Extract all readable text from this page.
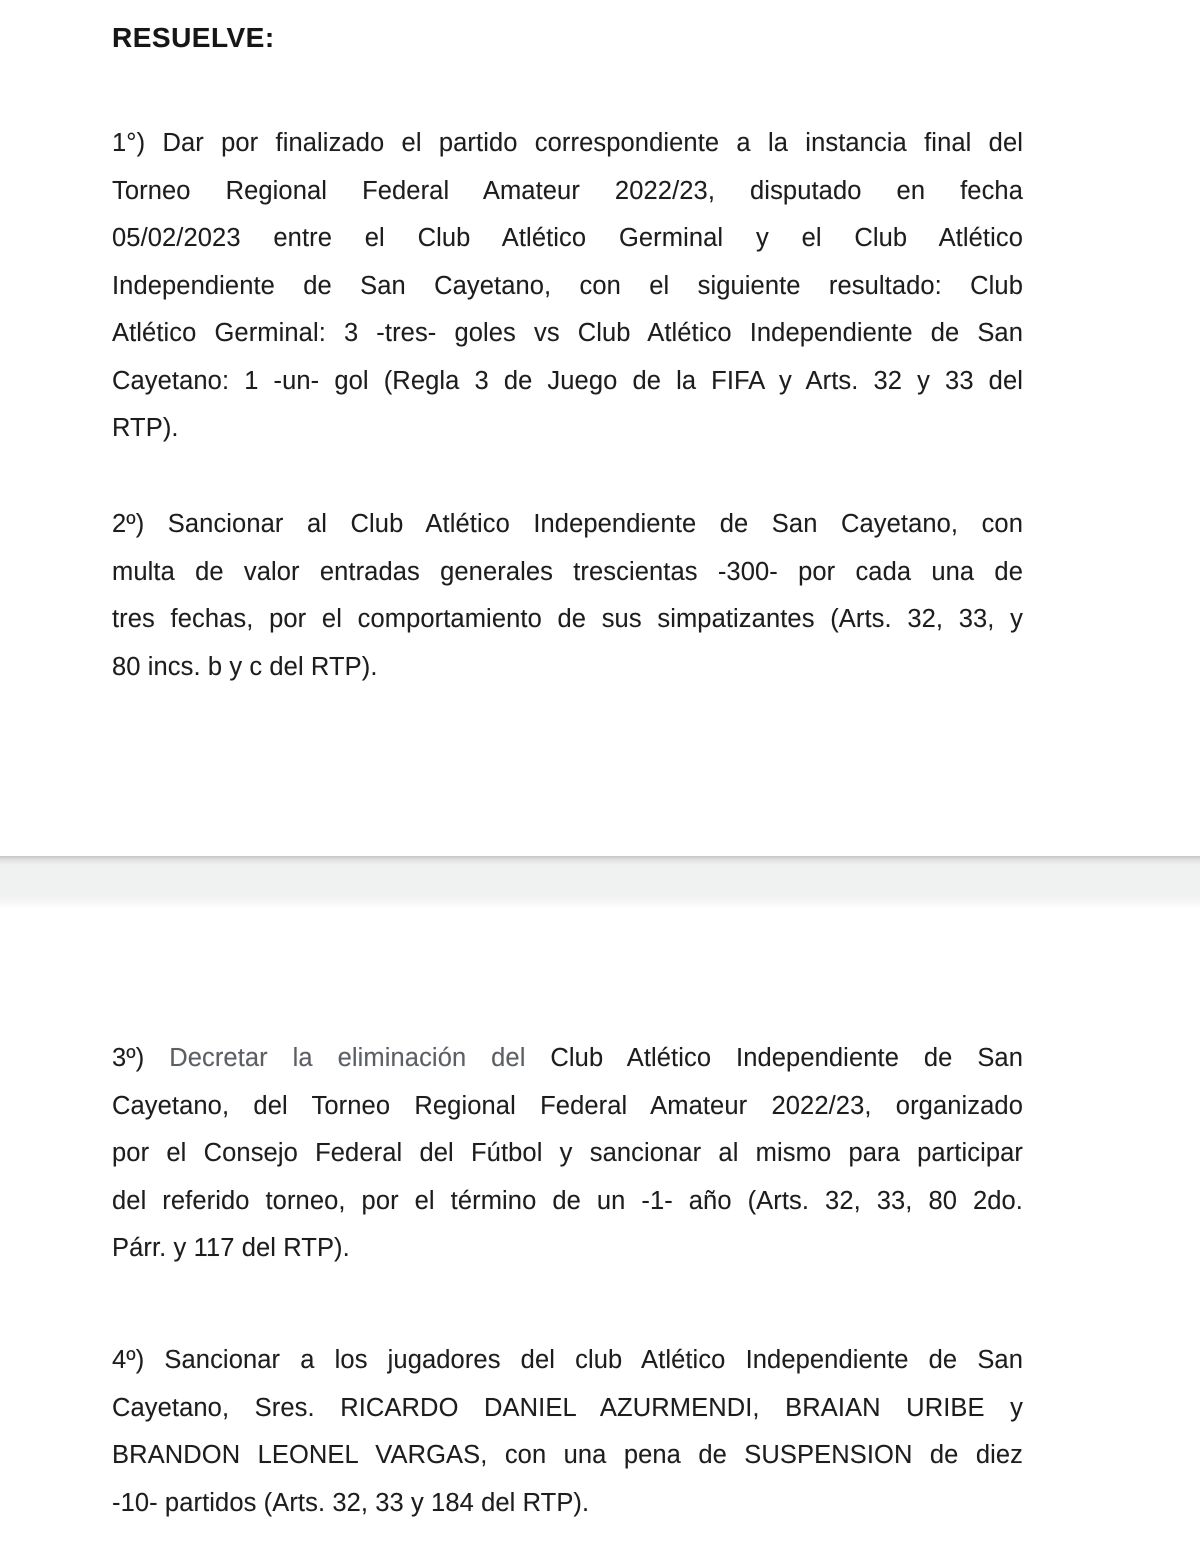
RESUELVE:
1°) Dar por finalizado el partido correspondiente a la instancia final del
Torneo Regional Federal Amateur 2022/23, disputado en fecha
05/02/2023 entre el Club Atlético Germinal y el Club Atlético
Independiente de San Cayetano, con el siguiente resultado: Club
Atlético Germinal: 3 -tres- goles vs Club Atlético Independiente de San
Cayetano: 1 -un- gol (Regla 3 de Juego de la FIFA y Arts. 32 y 33 del
RTP).
2º) Sancionar al Club Atlético Independiente de San Cayetano, con
multa de valor entradas generales trescientas -300- por cada una de
tres fechas, por el comportamiento de sus simpatizantes (Arts. 32, 33, y
80 incs. b y c del RTP).
3º) Decretar la eliminación del Club Atlético Independiente de San
Cayetano, del Torneo Regional Federal Amateur 2022/23, organizado
por el Consejo Federal del Fútbol y sancionar al mismo para participar
del referido torneo, por el término de un -1- año (Arts. 32, 33, 80 2do.
Párr. y 117 del RTP).
4º) Sancionar a los jugadores del club Atlético Independiente de San
Cayetano, Sres. RICARDO DANIEL AZURMENDI, BRAIAN URIBE y
BRANDON LEONEL VARGAS, con una pena de SUSPENSION de diez
-10- partidos (Arts. 32, 33 y 184 del RTP).
